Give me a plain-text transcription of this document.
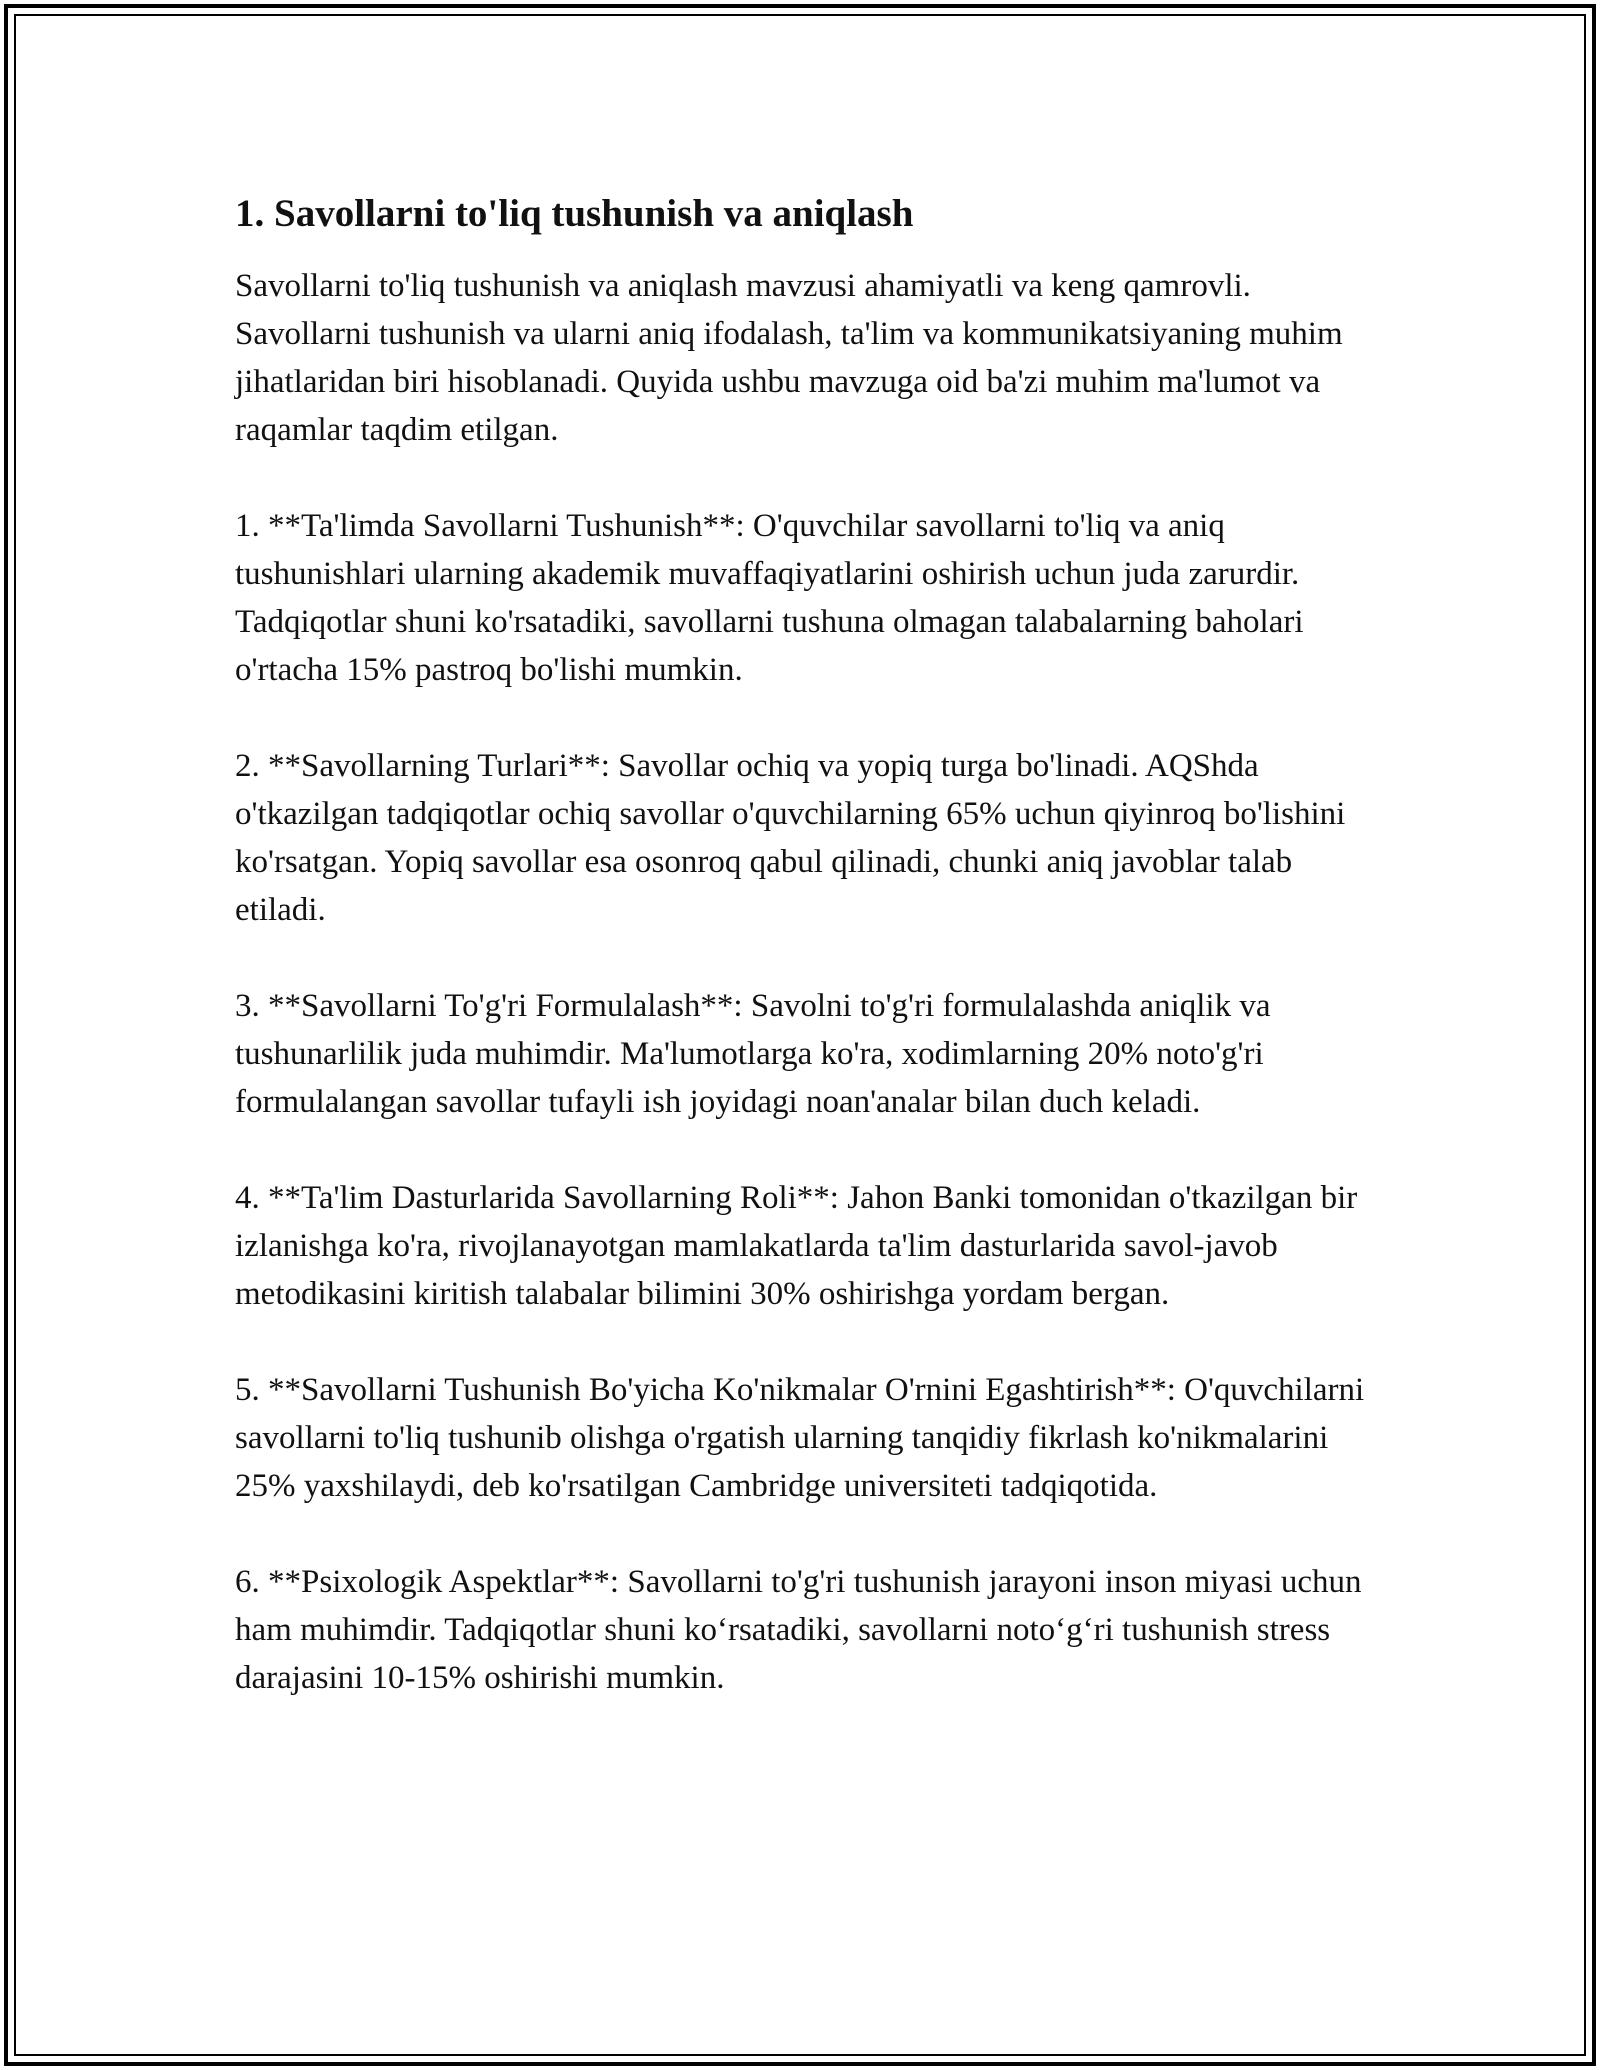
1. Savollarni to'liq tushunish va aniqlash

Savollarni to'liq tushunish va aniqlash mavzusi ahamiyatli va keng qamrovli. Savollarni tushunish va ularni aniq ifodalash, ta'lim va kommunikatsiyaning muhim jihatlaridan biri hisoblanadi. Quyida ushbu mavzuga oid ba'zi muhim ma'lumot va raqamlar taqdim etilgan.

1. **Ta'limda Savollarni Tushunish**: O'quvchilar savollarni to'liq va aniq tushunishlari ularning akademik muvaffaqiyatlarini oshirish uchun juda zarurdir. Tadqiqotlar shuni ko'rsatadiki, savollarni tushuna olmagan talabalarning baholari o'rtacha 15% pastroq bo'lishi mumkin.

2. **Savollarning Turlari**: Savollar ochiq va yopiq turga bo'linadi. AQShda o'tkazilgan tadqiqotlar ochiq savollar o'quvchilarning 65% uchun qiyinroq bo'lishini ko'rsatgan. Yopiq savollar esa osonroq qabul qilinadi, chunki aniq javoblar talab etiladi.

3. **Savollarni To'g'ri Formulalash**: Savolni to'g'ri formulalashda aniqlik va tushunarlilik juda muhimdir. Ma'lumotlarga ko'ra, xodimlarning 20% noto'g'ri formulalangan savollar tufayli ish joyidagi noan'analar bilan duch keladi.

4. **Ta'lim Dasturlarida Savollarning Roli**: Jahon Banki tomonidan o'tkazilgan bir izlanishga ko'ra, rivojlanayotgan mamlakatlarda ta'lim dasturlarida savol-javob metodikasini kiritish talabalar bilimini 30% oshirishga yordam bergan.

5. **Savollarni Tushunish Bo'yicha Ko'nikmalar O'rnini Egashtirish**: O'quvchilarni savollarni to'liq tushunib olishga o'rgatish ularning tanqidiy fikrlash ko'nikmalarini 25% yaxshilaydi, deb ko'rsatilgan Cambridge universiteti tadqiqotida.

6. **Psixologik Aspektlar**: Savollarni to'g'ri tushunish jarayoni inson miyasi uchun ham muhimdir. Tadqiqotlar shuni ko‘rsatadiki, savollarni noto‘g‘ri tushunish stress darajasini 10-15% oshirishi mumkin.
